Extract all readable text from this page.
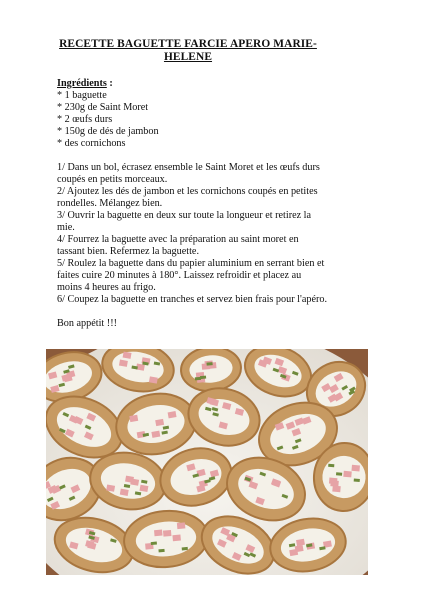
RECETTE BAGUETTE FARCIE APERO MARIE-
HELENE
Ingrédients :
* 1 baguette
* 230g de Saint Moret
* 2 œufs durs
* 150g de dés de jambon
* des cornichons
1/ Dans un bol, écrasez ensemble le Saint Moret et les œufs durs coupés en petits morceaux.
2/ Ajoutez les dés de jambon et les cornichons coupés en petites rondelles. Mélangez bien.
3/ Ouvrir la baguette en deux sur toute la longueur et retirez la mie.
4/ Fourrez la baguette avec la préparation au saint moret en tassant bien. Refermez la baguette.
5/ Roulez la baguette dans du papier aluminium en serrant bien et faites cuire 20 minutes à 180°. Laissez refroidir et placez au moins 4 heures au frigo.
6/ Coupez la baguette en tranches et servez bien frais pour l'apéro.
Bon appétit !!!
